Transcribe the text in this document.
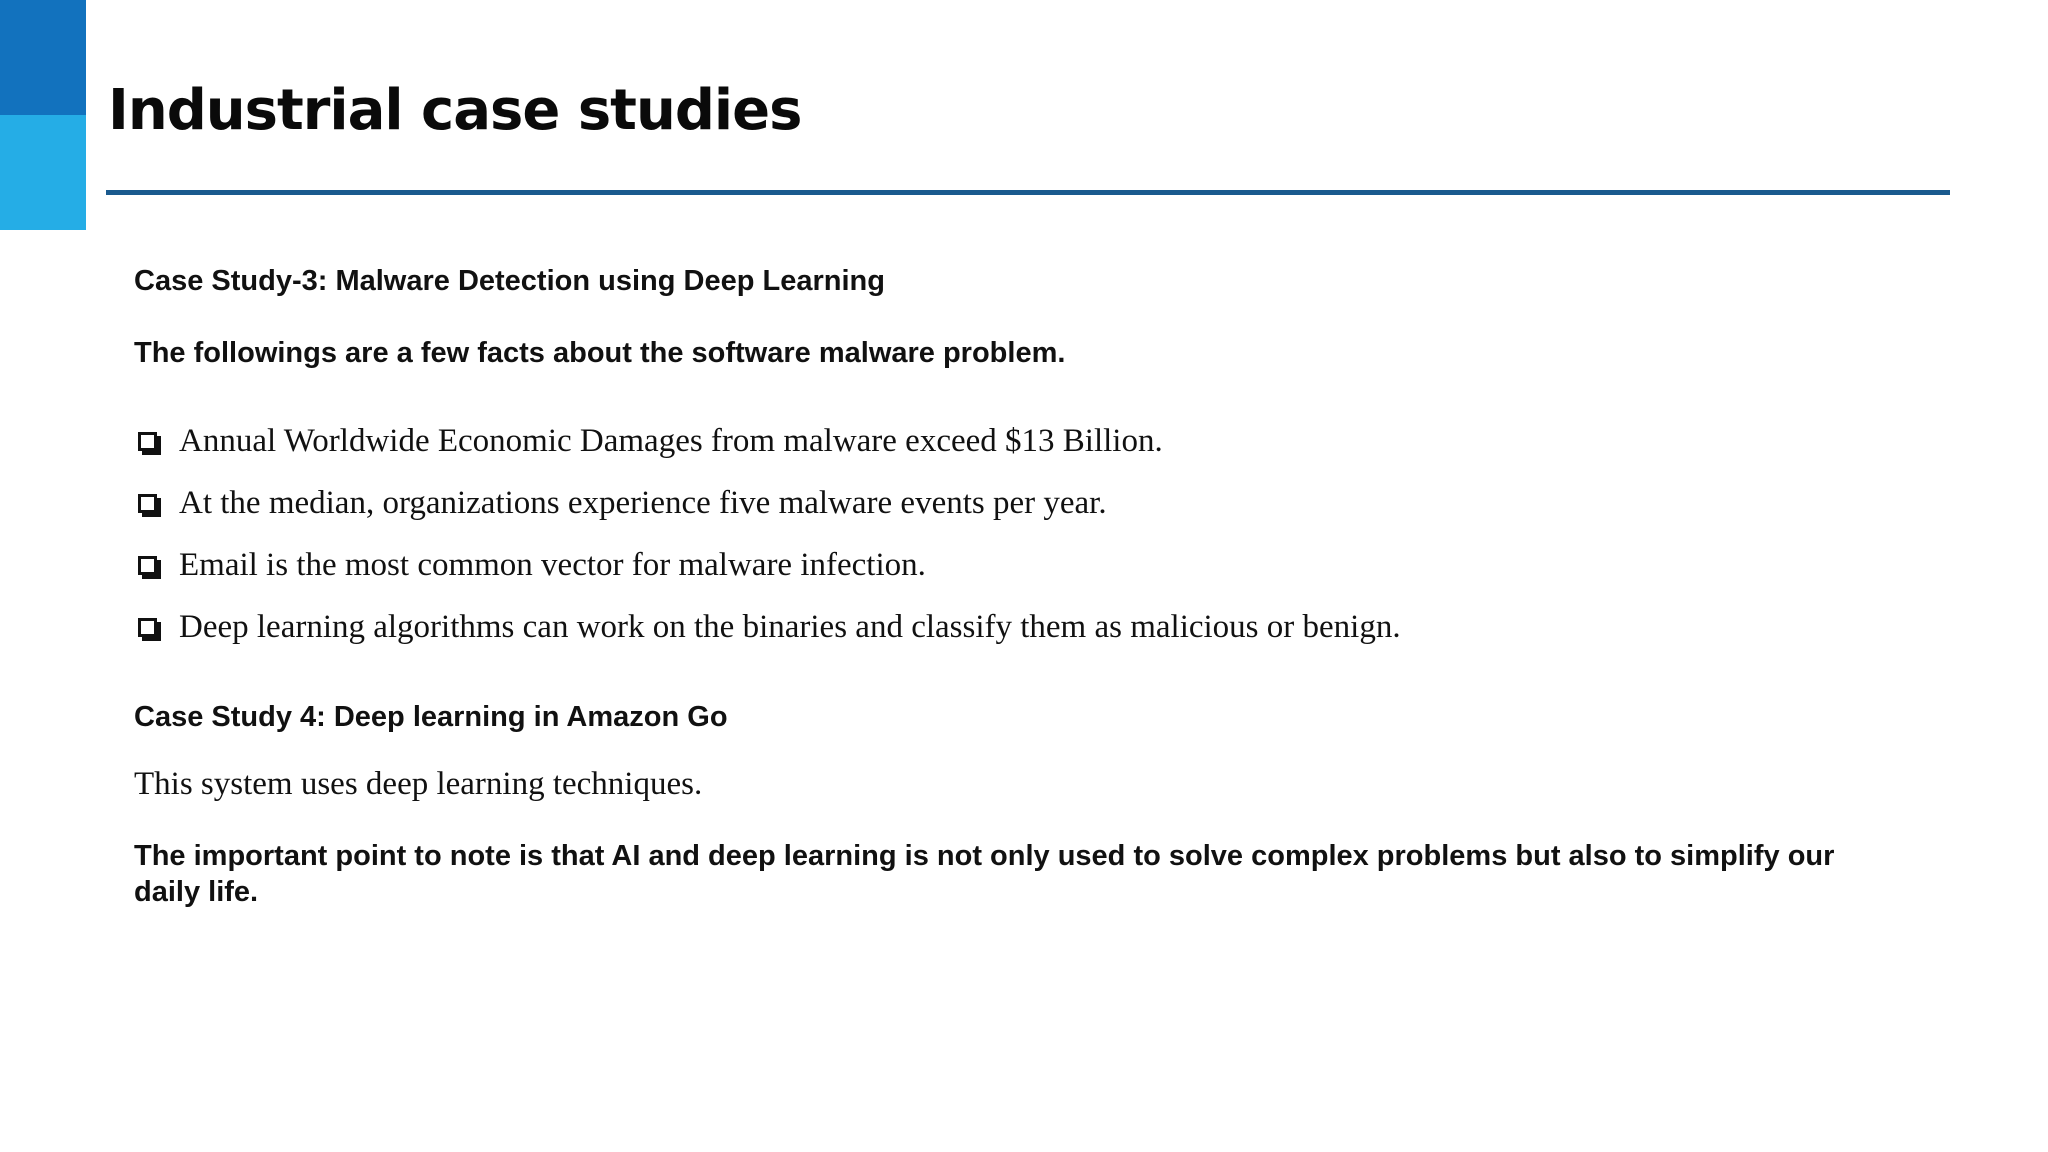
Industrial case studies

Case Study-3: Malware Detection using Deep Learning

The followings are a few facts about the software malware problem.

Annual Worldwide Economic Damages from malware exceed $13 Billion.
At the median, organizations experience five malware events per year.
Email is the most common vector for malware infection.
Deep learning algorithms can work on the binaries and classify them as malicious or benign.

Case Study 4: Deep learning in Amazon Go

This system uses deep learning techniques.

The important point to note is that AI and deep learning is not only used to solve complex problems but also to simplify our daily life.
